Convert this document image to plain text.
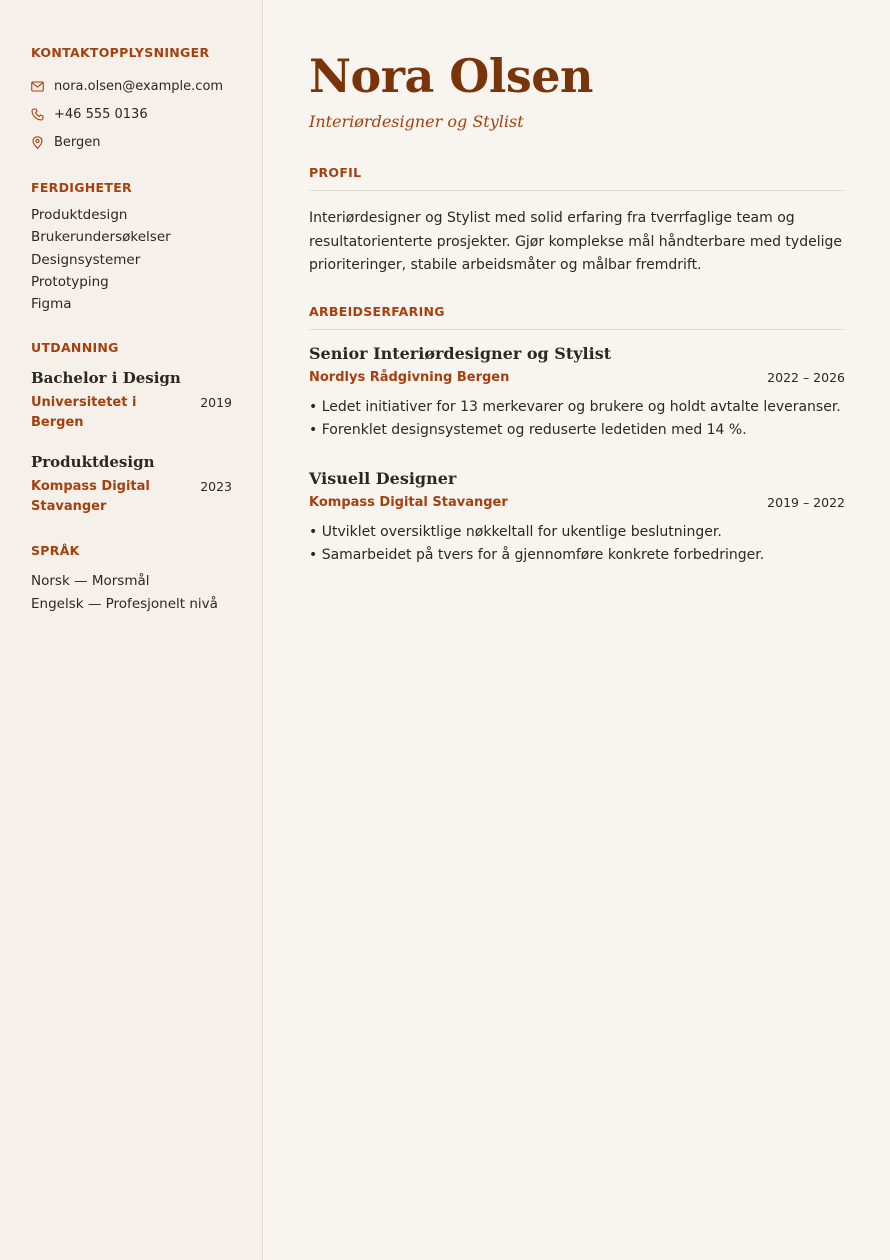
KONTAKTOPPLYSNINGER
nora.olsen@example.com
+46 555 0136
Bergen
FERDIGHETER
Produktdesign
Brukerundersøkelser
Designsystemer
Prototyping
Figma
UTDANNING
Bachelor i Design
Universitetet i Bergen
2019
Produktdesign
Kompass Digital Stavanger
2023
SPRÅK
Norsk — Morsmål
Engelsk — Profesjonelt nivå
Nora Olsen
Interiørdesigner og Stylist
PROFIL

Interiørdesigner og Stylist med solid erfaring fra tverrfaglige team og resultatorienterte prosjekter. Gjør komplekse mål håndterbare med tydelige prioriteringer, stabile arbeidsmåter og målbar fremdrift.

ARBEIDSERFARING
Senior Interiørdesigner og Stylist
Nordlys Rådgivning Bergen	2022 – 2026
• Ledet initiativer for 13 merkevarer og brukere og holdt avtalte leveranser.
• Forenklet designsystemet og reduserte ledetiden med 14 %.
Visuell Designer
Kompass Digital Stavanger	2019 – 2022
• Utviklet oversiktlige nøkkeltall for ukentlige beslutninger.
• Samarbeidet på tvers for å gjennomføre konkrete forbedringer.
